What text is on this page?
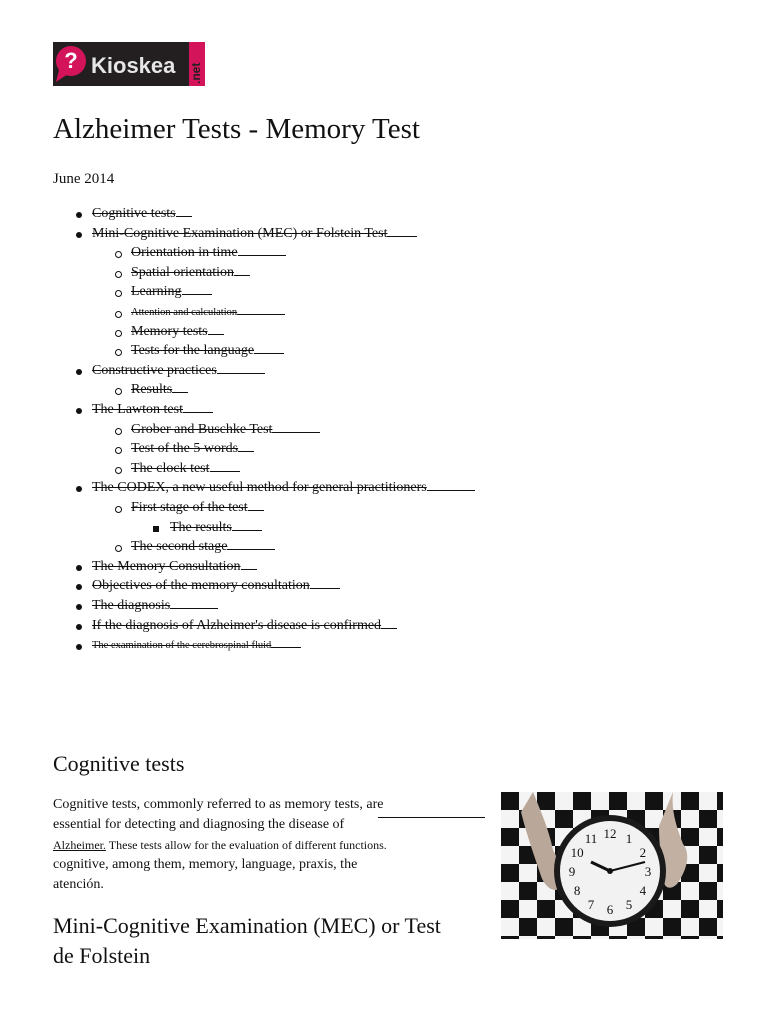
? Kioskea .net
Alzheimer Tests - Memory Test
June 2014
Cognitive tests
Mini-Cognitive Examination (MEC) or Folstein Test
Orientation in time
Spatial orientation
Learning
Attention and calculation
Memory tests
Tests for the language
Constructive practices
Results
The Lawton test
Grober and Buschke Test
Test of the 5 words
The clock test
The CODEX, a new useful method for general practitioners
First stage of the test
The results
The second stage
The Memory Consultation
Objectives of the memory consultation
The diagnosis
If the diagnosis of Alzheimer's disease is confirmed
The examination of the cerebrospinal fluid
Cognitive tests
Cognitive tests, commonly referred to as memory tests, are
essential for detecting and diagnosing the disease of
Alzheimer. These tests allow for the evaluation of different functions.
cognitive, among them, memory, language, praxis, the
atención.
Mini-Cognitive Examination (MEC) or Test
de Folstein
12 1
2
3
4
5
6
7
8
9
10
11
